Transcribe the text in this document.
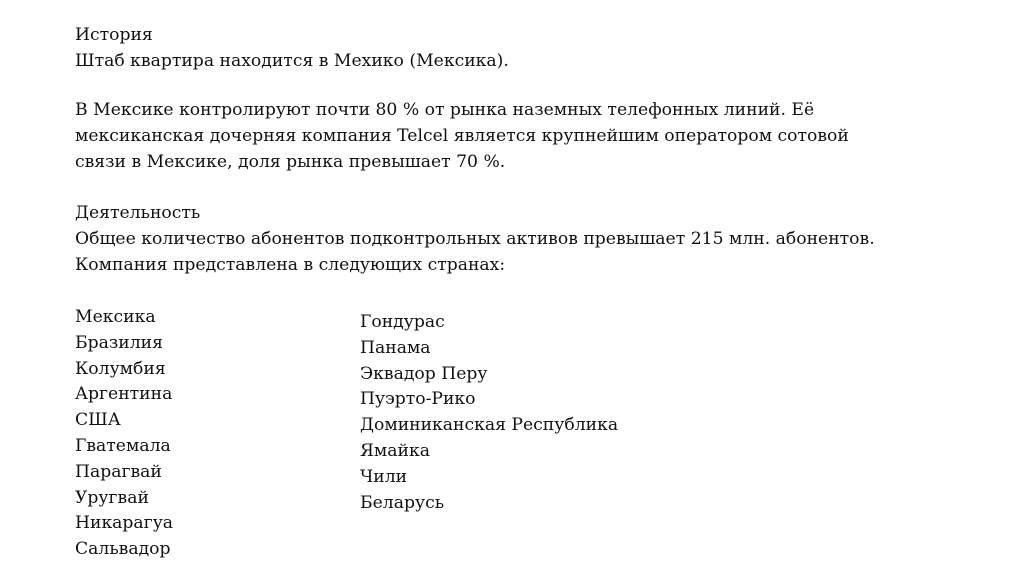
История
Штаб квартира находится в Мехико (Мексика).
В Мексике контролируют почти 80 % от рынка наземных телефонных линий. Её
мексиканская дочерняя компания Telcel является крупнейшим оператором сотовой
связи в Мексике, доля рынка превышает 70 %.
Деятельность
Общее количество абонентов подконтрольных активов превышает 215 млн. абонентов.
Компания представлена в следующих странах:
Мексика
Бразилия
Колумбия
Аргентина
США
Гватемала
Парагвай
Уругвай
Никарагуа
Сальвадор
Гондурас
Панама
Эквадор Перу
Пуэрто-Рико
Доминиканская Республика
Ямайка
Чили
Беларусь
